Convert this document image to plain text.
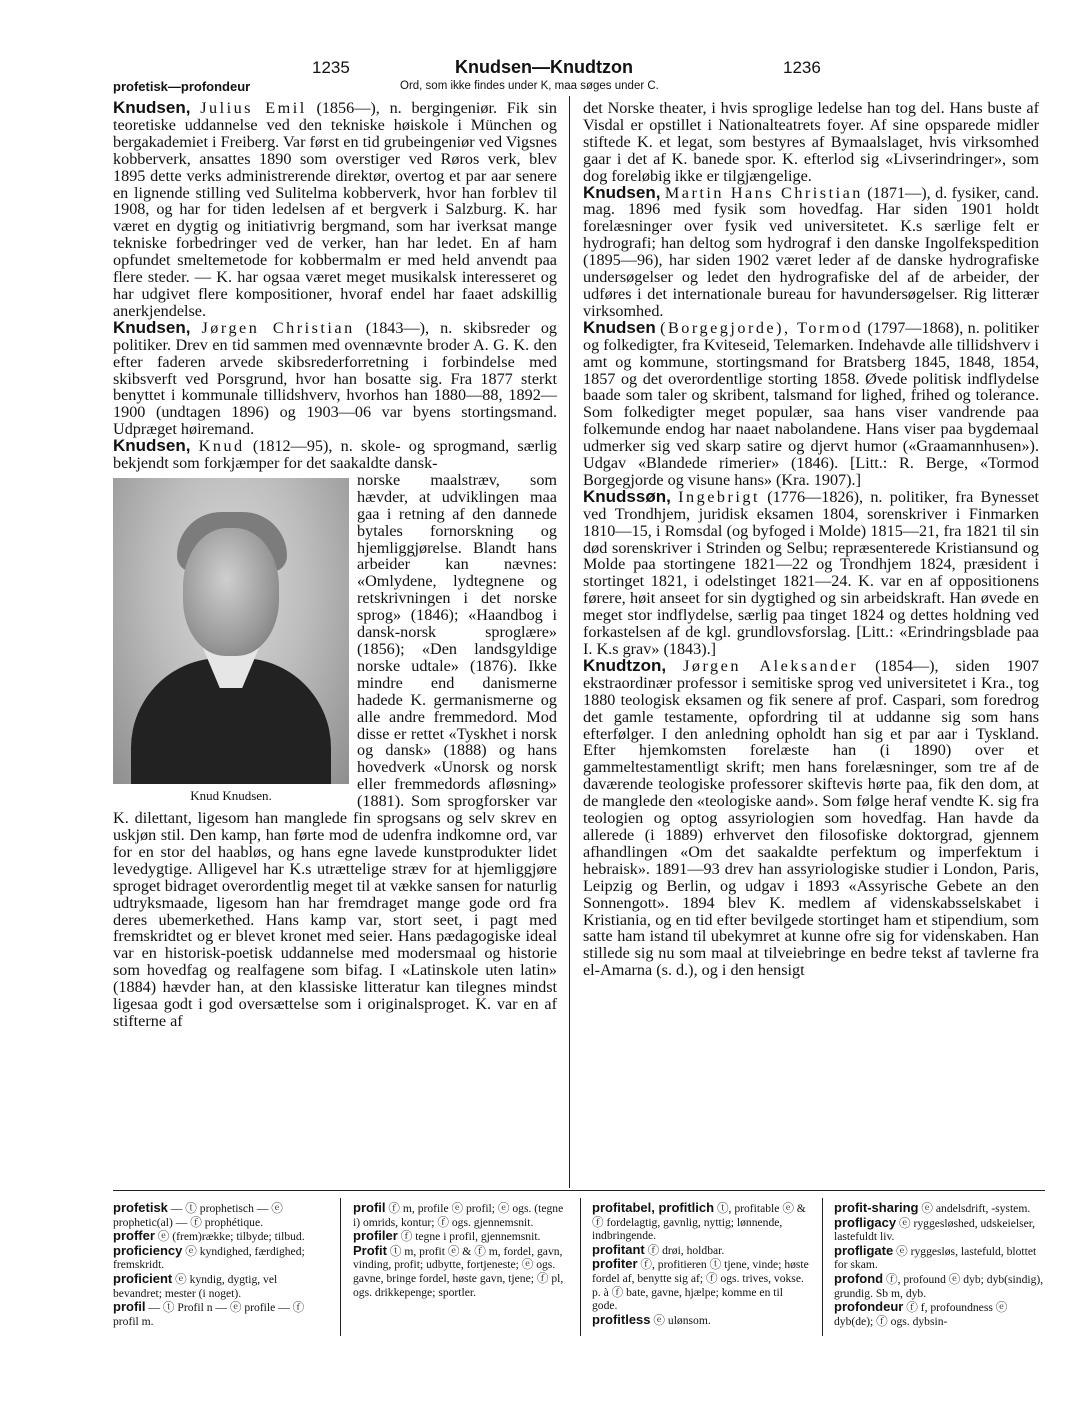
1235	Knudsen—Knudtzon	1236
profetisk—profondeur	Ord, som ikke findes under K, maa søges under C.

Knudsen, Julius Emil (1856—), n. bergingeniør. Fik sin teoretiske uddannelse ved den tekniske høiskole i München og bergakademiet i Freiberg. Var først en tid grubeingeniør ved Vigsnes kobberverk, ansattes 1890 som overstiger ved Røros verk, blev 1895 dette verks administrerende direktør, overtog et par aar senere en lignende stilling ved Sulitelma kobberverk, hvor han forblev til 1908, og har for tiden ledelsen af et bergverk i Salzburg. K. har været en dygtig og initiativrig bergmand, som har iverksat mange tekniske forbedringer ved de verker, han har ledet. En af ham opfundet smeltemetode for kobbermalm er med held anvendt paa flere steder. — K. har ogsaa været meget musikalsk interesseret og har udgivet flere kompositioner, hvoraf endel har faaet adskillig anerkjendelse.

Knudsen, Jørgen Christian (1843—), n. skibsreder og politiker. Drev en tid sammen med ovennævnte broder A. G. K. den efter faderen arvede skibsrederforretning i forbindelse med skibsverft ved Porsgrund, hvor han bosatte sig. Fra 1877 sterkt benyttet i kommunale tillidshverv, hvorhos han 1880—88, 1892—1900 (undtagen 1896) og 1903—06 var byens stortingsmand. Udpræget høiremand.

Knudsen, Knud (1812—95), n. skole- og sprogmand, særlig bekjendt som forkjæmper for det saakaldte dansk-

Knud Knudsen.

norske maalstræv, som hævder, at udviklingen maa gaa i retning af den dannede bytales fornorskning og hjemliggjørelse. Blandt hans arbeider kan nævnes: «Omlydene, lydtegnene og retskrivningen i det norske sprog» (1846); «Haandbog i dansk-norsk sproglære» (1856); «Den landsgyldige norske udtale» (1876). Ikke mindre end danismerne hadede K. germanismerne og alle andre fremmedord. Mod disse er rettet «Tyskhet i norsk og dansk» (1888) og hans hovedverk «Unorsk og norsk eller fremmedords afløsning» (1881). Som sprogforsker var K. dilettant, ligesom han manglede fin sprogsans og selv skrev en uskjøn stil. Den kamp, han førte mod de udenfra indkomne ord, var for en stor del haabløs, og hans egne lavede kunstprodukter lidet levedygtige. Alligevel har K.s utrættelige stræv for at hjemliggjøre sproget bidraget overordentlig meget til at vække sansen for naturlig udtryksmaade, ligesom han har fremdraget mange gode ord fra deres ubemerkethed. Hans kamp var, stort seet, i pagt med fremskridtet og er blevet kronet med seier. Hans pædagogiske ideal var en historisk-poetisk uddannelse med modersmaal og historie som hovedfag og realfagene som bifag. I «Latinskole uten latin» (1884) hævder han, at den klassiske litteratur kan tilegnes mindst ligesaa godt i god oversættelse som i originalsproget. K. var en af stifterne af

det Norske theater, i hvis sproglige ledelse han tog del. Hans buste af Visdal er opstillet i Nationalteatrets foyer. Af sine opsparede midler stiftede K. et legat, som bestyres af Bymaalslaget, hvis virksomhed gaar i det af K. banede spor. K. efterlod sig «Livserindringer», som dog foreløbig ikke er tilgjængelige.

Knudsen, Martin Hans Christian (1871—), d. fysiker, cand. mag. 1896 med fysik som hovedfag. Har siden 1901 holdt forelæsninger over fysik ved universitetet. K.s særlige felt er hydrografi; han deltog som hydrograf i den danske Ingolfekspedition (1895—96), har siden 1902 været leder af de danske hydrografiske undersøgelser og ledet den hydrografiske del af de arbeider, der udføres i det internationale bureau for havundersøgelser. Rig litterær virksomhed.

Knudsen (Borgegjorde), Tormod (1797—1868), n. politiker og folkedigter, fra Kviteseid, Telemarken. Indehavde alle tillidshverv i amt og kommune, stortingsmand for Bratsberg 1845, 1848, 1854, 1857 og det overordentlige storting 1858. Øvede politisk indflydelse baade som taler og skribent, talsmand for lighed, frihed og tolerance. Som folkedigter meget populær, saa hans viser vandrende paa folkemunde endog har naaet nabolandene. Hans viser paa bygdemaal udmerker sig ved skarp satire og djervt humor («Graamannhusen»). Udgav «Blandede rimerier» (1846). [Litt.: R. Berge, «Tormod Borgegjorde og visune hans» (Kra. 1907).]

Knudssøn, Ingebrigt (1776—1826), n. politiker, fra Bynesset ved Trondhjem, juridisk eksamen 1804, sorenskriver i Finmarken 1810—15, i Romsdal (og byfoged i Molde) 1815—21, fra 1821 til sin død sorenskriver i Strinden og Selbu; repræsenterede Kristiansund og Molde paa stortingene 1821—22 og Trondhjem 1824, præsident i stortinget 1821, i odelstinget 1821—24. K. var en af oppositionens førere, høit anseet for sin dygtighed og sin arbeidskraft. Han øvede en meget stor indflydelse, særlig paa tinget 1824 og dettes holdning ved forkastelsen af de kgl. grundlovsforslag. [Litt.: «Erindringsblade paa I. K.s grav» (1843).]

Knudtzon, Jørgen Aleksander (1854—), siden 1907 ekstraordinær professor i semitiske sprog ved universitetet i Kra., tog 1880 teologisk eksamen og fik senere af prof. Caspari, som foredrog det gamle testamente, opfordring til at uddanne sig som hans efterfølger. I den anledning opholdt han sig et par aar i Tyskland. Efter hjemkomsten forelæste han (i 1890) over et gammeltestamentligt skrift; men hans forelæsninger, som tre af de daværende teologiske professorer skiftevis hørte paa, fik den dom, at de manglede den «teologiske aand». Som følge heraf vendte K. sig fra teologien og optog assyriologien som hovedfag. Han havde da allerede (i 1889) erhvervet den filosofiske doktorgrad, gjennem afhandlingen «Om det saakaldte perfektum og imperfektum i hebraisk». 1891—93 drev han assyriologiske studier i London, Paris, Leipzig og Berlin, og udgav i 1893 «Assyrische Gebete an den Sonnengott». 1894 blev K. medlem af videnskabsselskabet i Kristiania, og en tid efter bevilgede stortinget ham et stipendium, som satte ham istand til ubekymret at kunne ofre sig for videnskaben. Han stillede sig nu som maal at tilveiebringe en bedre tekst af tavlerne fra el-Amarna (s. d.), og i den hensigt

profetisk — ⓣ prophetisch — ⓔ prophetic(al) — ⓕ prophétique.
proffer ⓔ (frem)række; tilbyde; tilbud.
proficiency ⓔ kyndighed, færdighed; fremskridt.
proficient ⓔ kyndig, dygtig, vel bevandret; mester (i noget).
profil — ⓣ Profil n — ⓔ profile — ⓕ profil m.
profil ⓕ m, profile ⓔ profil; ⓔ ogs. (tegne i) omrids, kontur; ⓕ ogs. gjennemsnit.
profiler ⓕ tegne i profil, gjennemsnit.
Profit ⓣ m, profit ⓔ & ⓕ m, fordel, gavn, vinding, profit; udbytte, fortjeneste; ⓔ ogs. gavne, bringe fordel, høste gavn, tjene; ⓕ pl, ogs. drikkepenge; sportler.
profitabel, profitlich ⓣ, profitable ⓔ & ⓕ fordelagtig, gavnlig, nyttig; lønnende, indbringende.
profitant ⓕ drøi, holdbar.
profiter ⓕ, profitieren ⓣ tjene, vinde; høste fordel af, benytte sig af; ⓕ ogs. trives, vokse. p. à ⓕ bate, gavne, hjælpe; komme en til gode.
profitless ⓔ ulønsom.
profit-sharing ⓔ andelsdrift, -system.
profligacy ⓔ ryggesløshed, udskeielser, lastefuldt liv.
profligate ⓔ ryggesløs, lastefuld, blottet for skam.
profond ⓕ, profound ⓔ dyb; dyb(sindig), grundig. Sb m, dyb.
profondeur ⓕ f, profoundness ⓔ dyb(de); ⓕ ogs. dybsin-
